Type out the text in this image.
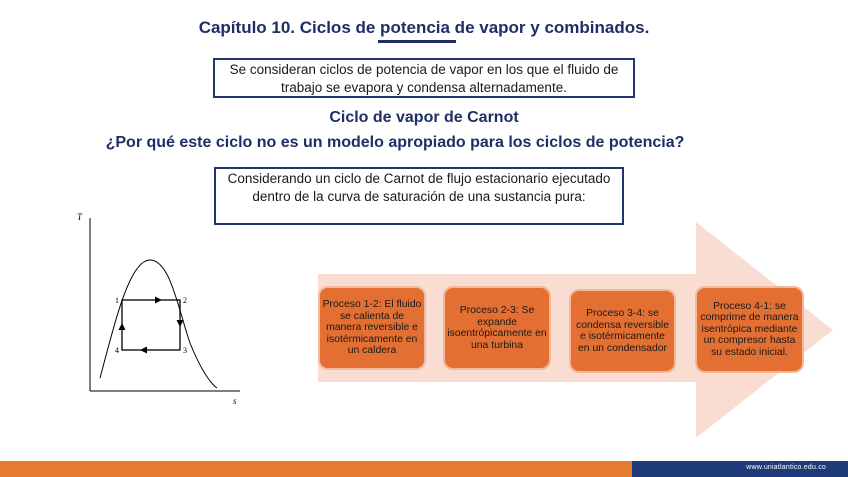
Capítulo 10. Ciclos de potencia de vapor y combinados.
Se consideran ciclos de potencia de vapor en los que el fluido de trabajo se evapora y condensa alternadamente.
Ciclo de vapor de Carnot
¿Por qué este ciclo no es un modelo apropiado para los ciclos de potencia?
Considerando un ciclo de Carnot de flujo estacionario ejecutado dentro de la curva de saturación de una sustancia pura:
T
s
1	2
3
4
Proceso 1-2: El fluido se calienta de manera reversible e isotérmicamente en un caldera
Proceso 2-3: Se expande isoentrópicamente en una turbina
Proceso 3-4: se condensa reversible e isotérmicamente en un condensador
Proceso 4-1: se comprime de manera isentrópica mediante un compresor hasta su estado inicial.
www.uniatlantico.edu.co
